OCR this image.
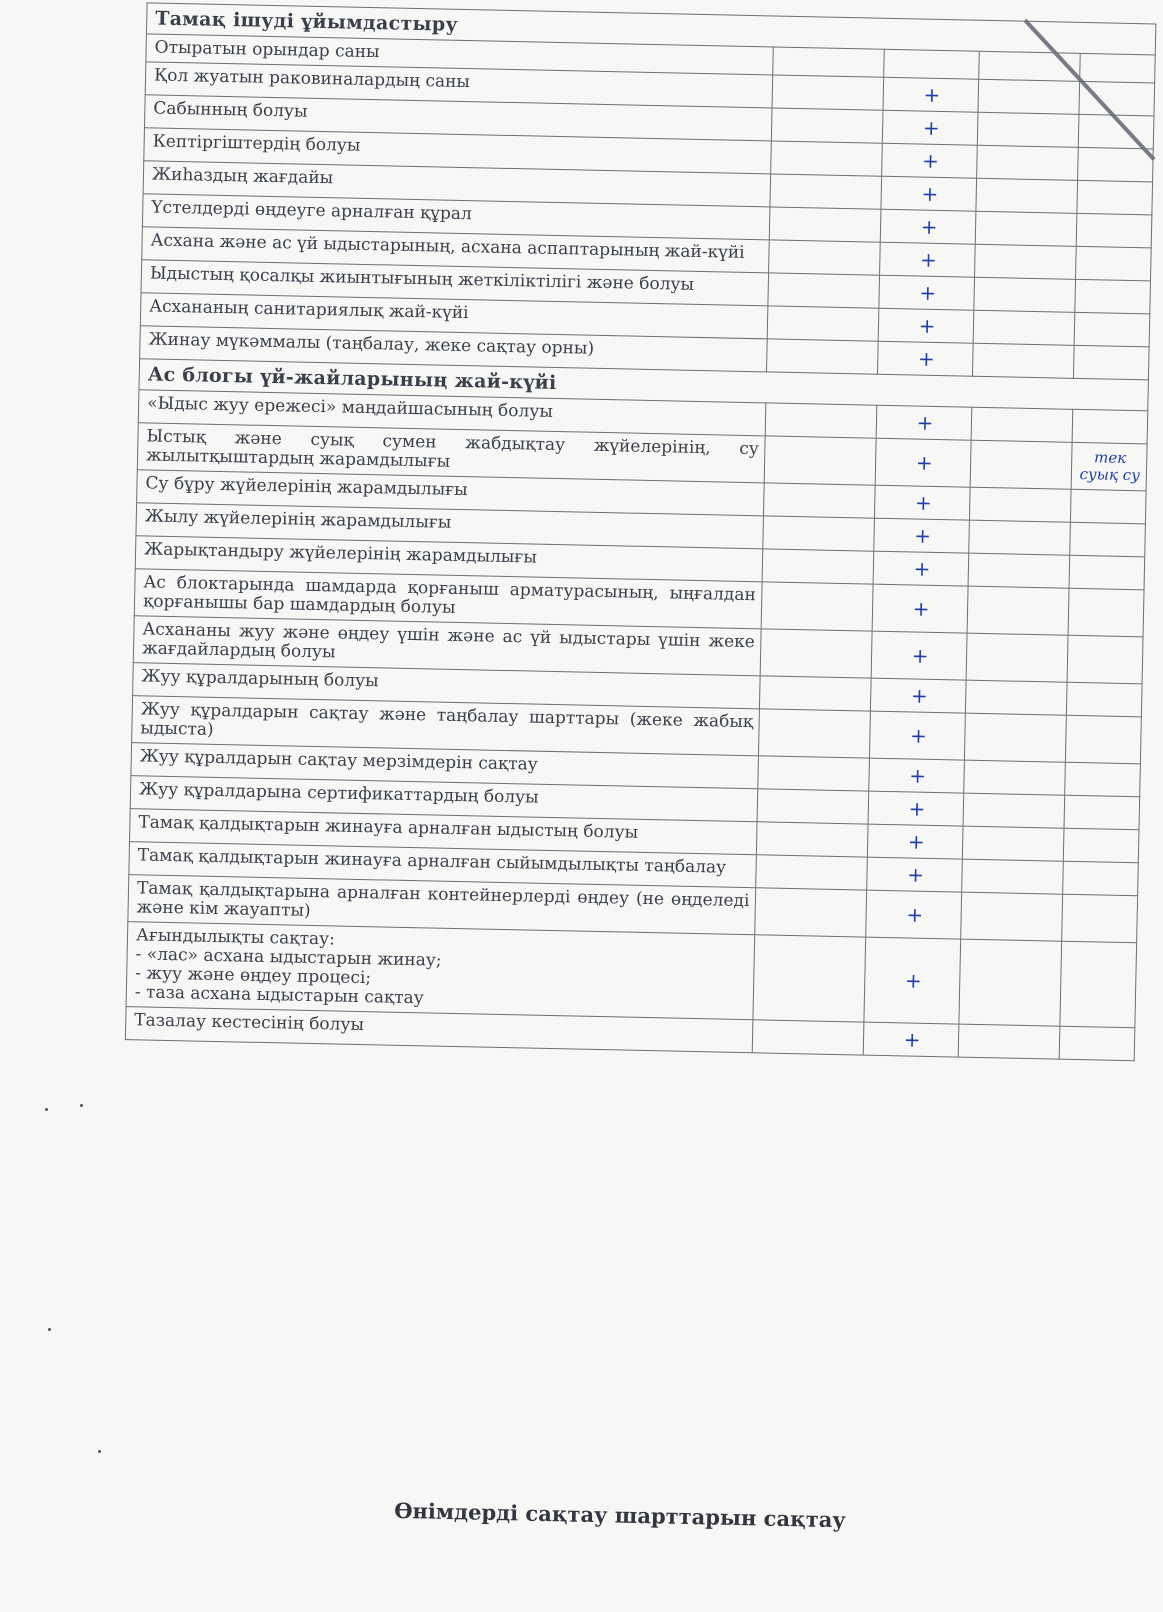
Тамақ ішуді ұйымдастыру				
Отыратын орындар саны				
Қол жуатын раковиналардың саны		+		
Сабынның болуы		+		
Кептіргіштердің болуы		+		
Жиһаздың жағдайы		+		
Үстелдерді өңдеуге арналған құрал		+		
Асхана және ас үй ыдыстарының, асхана аспаптарының жай-күйі		+		
Ыдыстың қосалқы жиынтығының жеткіліктілігі және болуы		+		
Асхананың санитариялық жай-күйі		+		
Жинау мүкәммалы (таңбалау, жеке сақтау орны)		+		
Ас блогы үй-жайларының жай-күйі				
«Ыдыс жуу ережесі» маңдайшасының болуы		+		
Ыстық және суық сумен жабдықтау жүйелерінің, су жылытқыштардың жарамдылығы		+		тек суық су

Су бұру жүйелерінің жарамдылығы		+		
Жылу жүйелерінің жарамдылығы		+		
Жарықтандыру жүйелерінің жарамдылығы		+		
Ас блоктарында шамдарда қорғаныш арматурасының, ыңғалдан қорғанышы бар шамдардың болуы		+		
Асхананы жуу және өңдеу үшін және ас үй ыдыстары үшін жеке жағдайлардың болуы		+		
Жуу құралдарының болуы		+		
Жуу құралдарын сақтау және таңбалау шарттары (жеке жабық ыдыста)		+		
Жуу құралдарын сақтау мерзімдерін сақтау		+		
Жуу құралдарына сертификаттардың болуы		+		
Тамақ қалдықтарын жинауға арналған ыдыстың болуы		+		
Тамақ қалдықтарын жинауға арналған сыйымдылықты таңбалау		+		
Тамақ қалдықтарына арналған контейнерлерді өңдеу (не өңделеді және кім жауапты)		+		
Ағындылықты сақтау:
- «лас» асхана ыдыстарын жинау;
- жуу және өңдеу процесі;
- таза асхана ыдыстарын сақтау		+		
Тазалау кестесінің болуы		+		
Өнімдерді сақтау шарттарын сақтау
